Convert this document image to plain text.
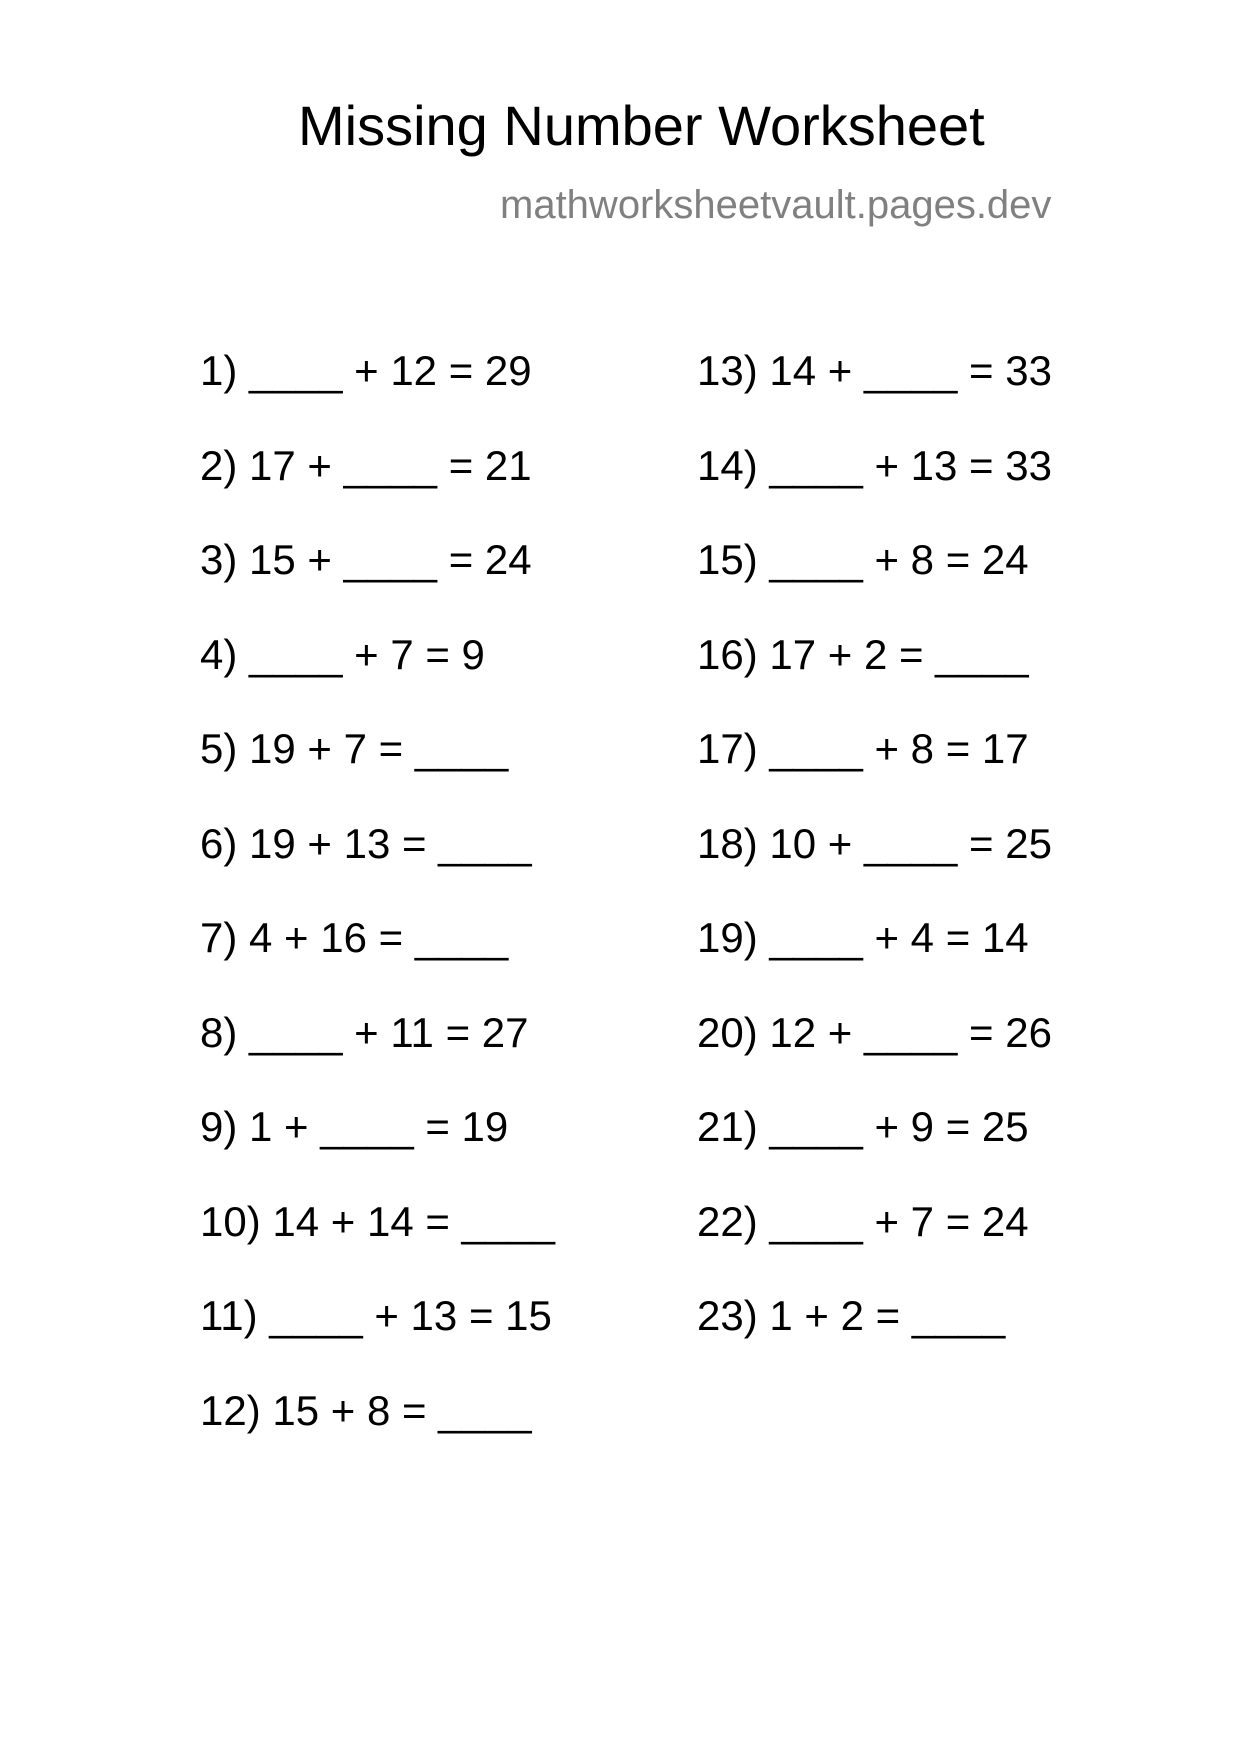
Missing Number Worksheet
mathworksheetvault.pages.dev
1) ____ + 12 = 29
2) 17 + ____ = 21
3) 15 + ____ = 24
4) ____ + 7 = 9
5) 19 + 7 = ____
6) 19 + 13 = ____
7) 4 + 16 = ____
8) ____ + 11 = 27
9) 1 + ____ = 19
10) 14 + 14 = ____
11) ____ + 13 = 15
12) 15 + 8 = ____
13) 14 + ____ = 33
14) ____ + 13 = 33
15) ____ + 8 = 24
16) 17 + 2 = ____
17) ____ + 8 = 17
18) 10 + ____ = 25
19) ____ + 4 = 14
20) 12 + ____ = 26
21) ____ + 9 = 25
22) ____ + 7 = 24
23) 1 + 2 = ____
